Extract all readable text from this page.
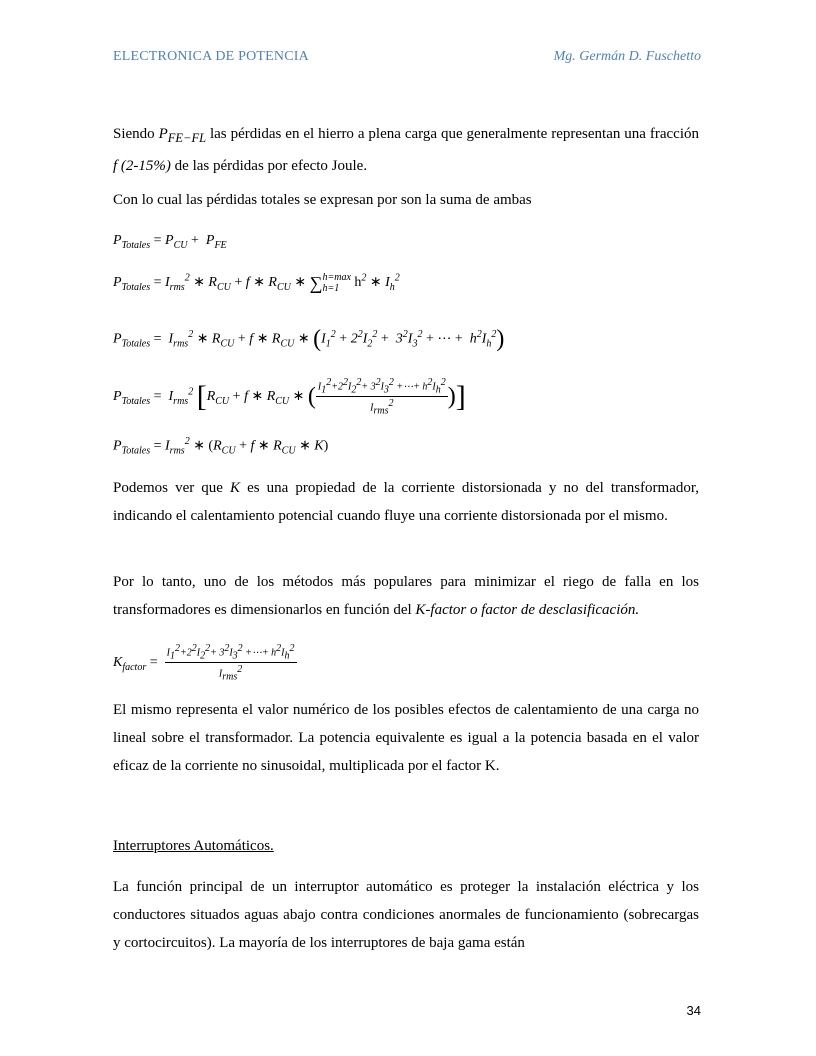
ELECTRONICA DE POTENCIA	Mg. Germán D. Fuschetto

Siendo $P_{FE-FL}$ las pérdidas en el hierro a plena carga que generalmente representan una fracción f (2-15%) de las pérdidas por efecto Joule.

Con lo cual las pérdidas totales se expresan por son la suma de ambas

$P_{Totales} = P_{CU} + P_{FE}$
$P_{Totales} = I_{rms}^2$ ∗ $R_{CU} + f$ ∗ $R_{CU}$ ∗ ∑h=max
h=1 $h^2$ ∗ $I_h^2$
$P_{Totales} = I_{rms}^2$ ∗ $R_{CU} + f$ ∗ $R_{CU}$ ∗ ($I_1^2 + 2^2I_2^2 + 3^2I_3^2$ + ⋯ +  $h^2I_h^2$)
$P_{Totales} = I_{rms}^2$ [$R_{CU} + f$ ∗ $R_{CU}$ ∗ ( $\frac{I_1^2+2^2I_2^2+ 3^2I_3^2 +\cdots+ h^2I_h^2}{I_{rms}^2}$ )]
$P_{Totales} = I_{rms}^2$ ∗ ($R_{CU} + f$ ∗ $R_{CU}$ ∗ K)

Podemos ver que K es una propiedad de la corriente distorsionada y no del transformador, indicando el calentamiento potencial cuando fluye una corriente distorsionada por el mismo.

Por lo tanto, uno de los métodos más populares para minimizar el riego de falla en los transformadores es dimensionarlos en función del K-factor o factor de desclasificación.

$K_{factor} = \frac{I_1^2+2^2I_2^2+ 3^2I_3^2 +\cdots+ h^2I_h^2}{I_{rms}^2}$

El mismo representa el valor numérico de los posibles efectos de calentamiento de una carga no lineal sobre el transformador. La potencia equivalente es igual a la potencia basada en el valor eficaz de la corriente no sinusoidal, multiplicada por el factor K.

Interruptores Automáticos.

La función principal de un interruptor automático es proteger la instalación eléctrica y los conductores situados aguas abajo contra condiciones anormales de funcionamiento (sobrecargas y cortocircuitos). La mayoría de los interruptores de baja gama están

34
